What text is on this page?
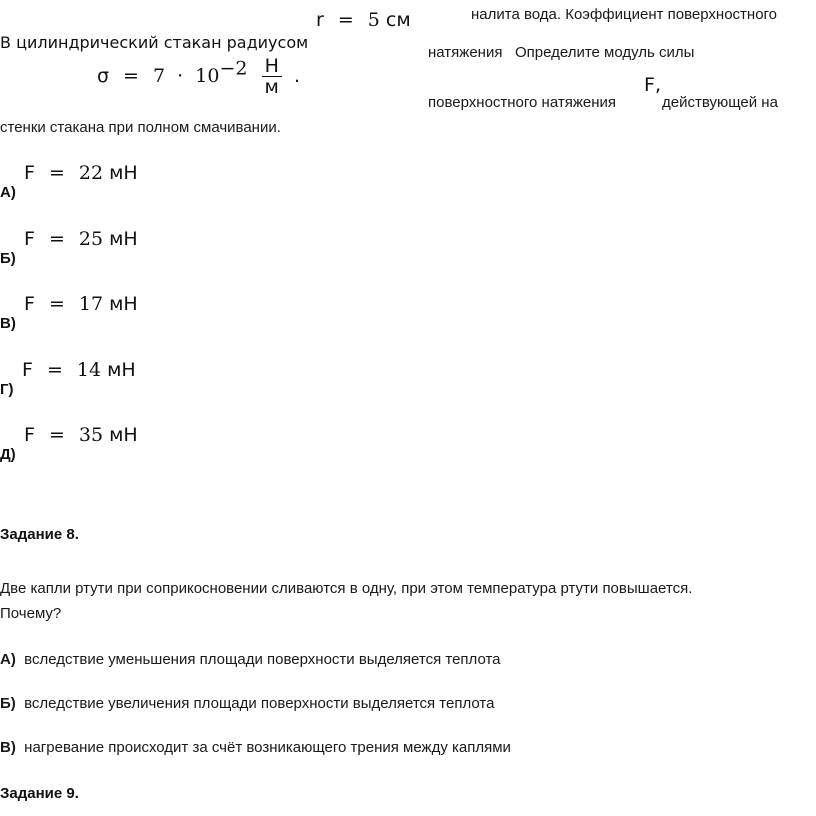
В цилиндрический стакан радиусом
r = 5 см	налита вода. Коэффициент поверхностного
натяжения   Определите модуль силы
$\sigma = 7 \cdot 10^{-2} \frac{Н}{м}$ .
поверхностного натяжения
F,
действующей на
стенки стакана при полном смачивании.
А)
F = 22 мН
Б)
F = 25 мН
В)
F = 17 мН
Г)
F = 14 мН
Д)
F = 35 мН
Задание 8.
Две капли ртути при соприкосновении сливаются в одну, при этом температура ртути повышается.
Почему?
А) вследствие уменьшения площади поверхности выделяется теплота
Б) вследствие увеличения площади поверхности выделяется теплота
В) нагревание происходит за счёт возникающего трения между каплями
Задание 9.
